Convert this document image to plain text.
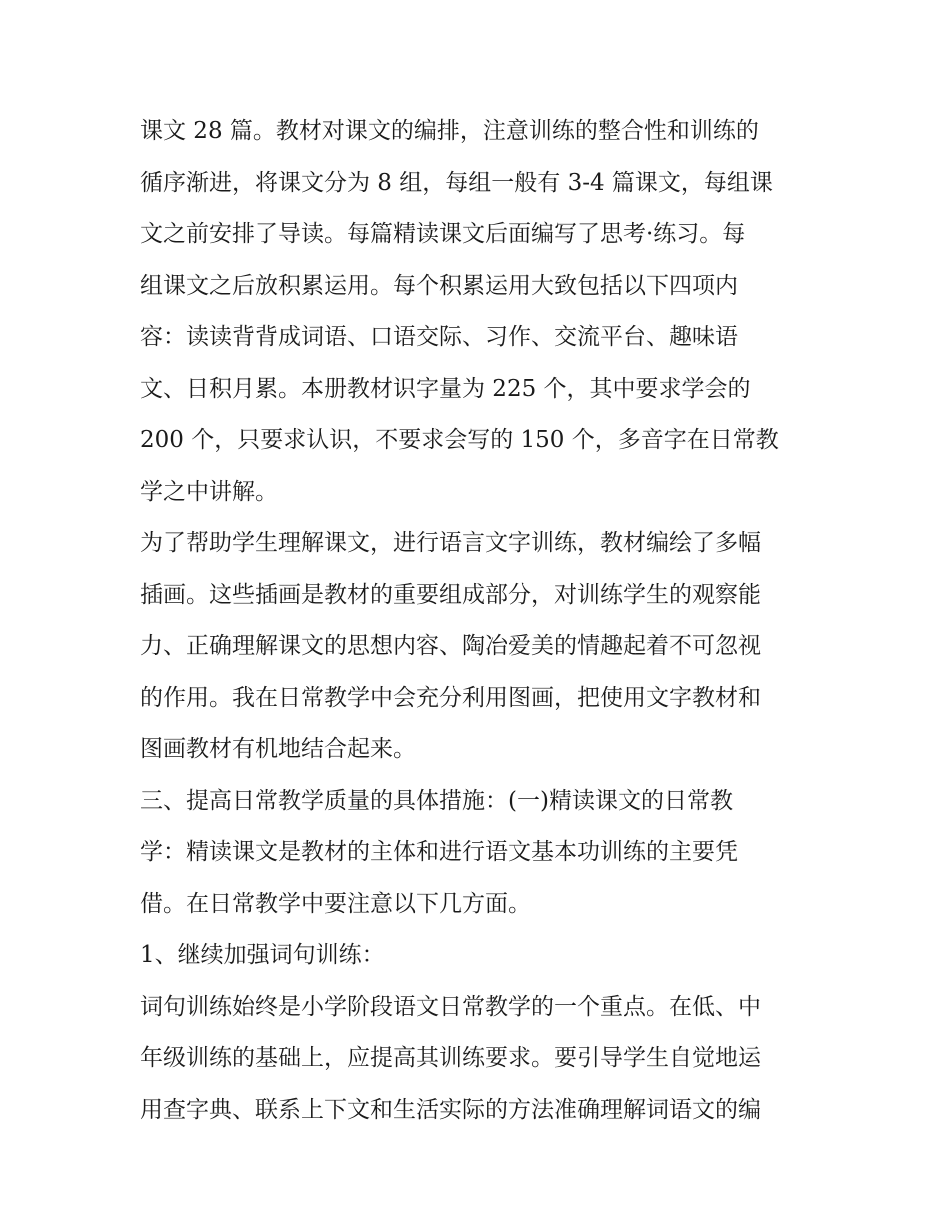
课文 28 篇。教材对课文的编排，注意训练的整合性和训练的
循序渐进，将课文分为 8 组，每组一般有 3-4 篇课文，每组课
文之前安排了导读。每篇精读课文后面编写了思考·练习。每
组课文之后放积累运用。每个积累运用大致包括以下四项内
容：读读背背成词语、口语交际、习作、交流平台、趣味语
文、日积月累。本册教材识字量为 225 个，其中要求学会的
200 个，只要求认识，不要求会写的 150 个，多音字在日常教
学之中讲解。
为了帮助学生理解课文，进行语言文字训练，教材编绘了多幅
插画。这些插画是教材的重要组成部分，对训练学生的观察能
力、正确理解课文的思想内容、陶冶爱美的情趣起着不可忽视
的作用。我在日常教学中会充分利用图画，把使用文字教材和
图画教材有机地结合起来。
三、提高日常教学质量的具体措施：(一)精读课文的日常教
学：精读课文是教材的主体和进行语文基本功训练的主要凭
借。在日常教学中要注意以下几方面。
1、继续加强词句训练：
词句训练始终是小学阶段语文日常教学的一个重点。在低、中
年级训练的基础上，应提高其训练要求。要引导学生自觉地运
用查字典、联系上下文和生活实际的方法准确理解词语文的编
